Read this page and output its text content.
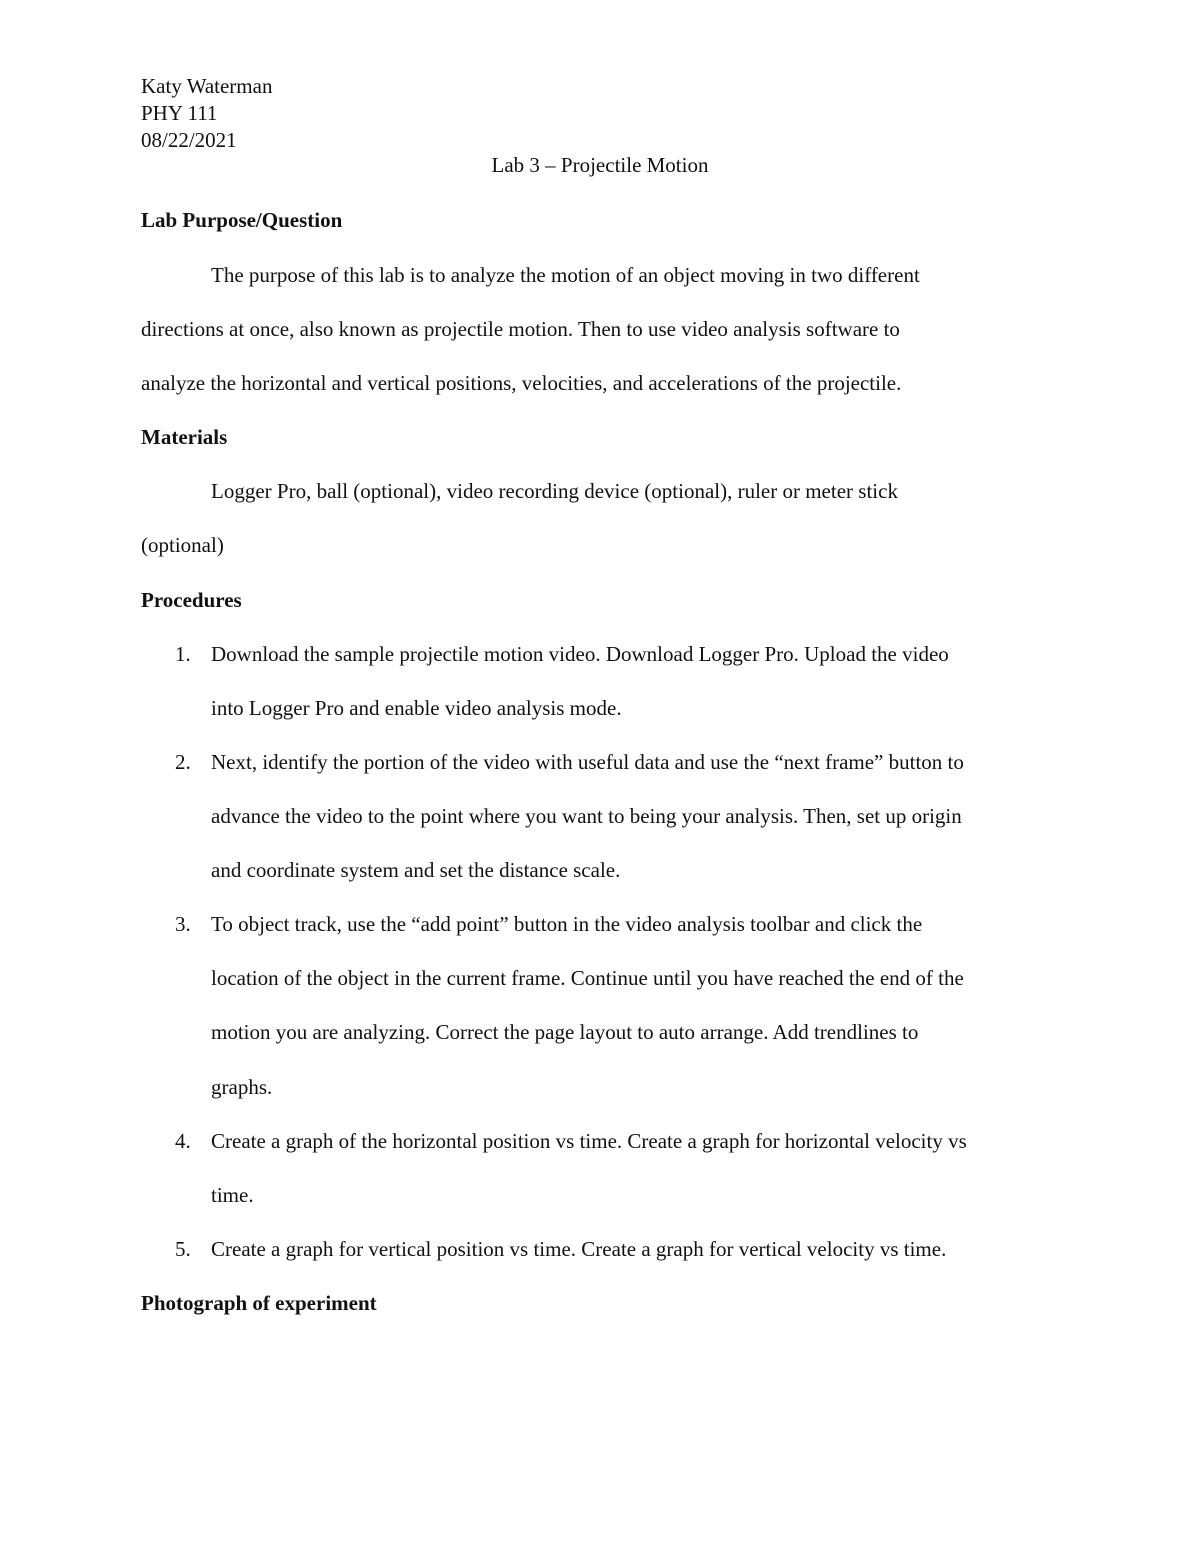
Katy Waterman
PHY 111
08/22/2021
Lab 3 – Projectile Motion
Lab Purpose/Question
The purpose of this lab is to analyze the motion of an object moving in two different
directions at once, also known as projectile motion. Then to use video analysis software to
analyze the horizontal and vertical positions, velocities, and accelerations of the projectile.
Materials
Logger Pro, ball (optional), video recording device (optional), ruler or meter stick
(optional)
Procedures
1. Download the sample projectile motion video. Download Logger Pro. Upload the video
into Logger Pro and enable video analysis mode.
2. Next, identify the portion of the video with useful data and use the “next frame” button to
advance the video to the point where you want to being your analysis. Then, set up origin
and coordinate system and set the distance scale.
3. To object track, use the “add point” button in the video analysis toolbar and click the
location of the object in the current frame. Continue until you have reached the end of the
motion you are analyzing. Correct the page layout to auto arrange. Add trendlines to
graphs.
4. Create a graph of the horizontal position vs time. Create a graph for horizontal velocity vs
time.
5. Create a graph for vertical position vs time. Create a graph for vertical velocity vs time.
Photograph of experiment
